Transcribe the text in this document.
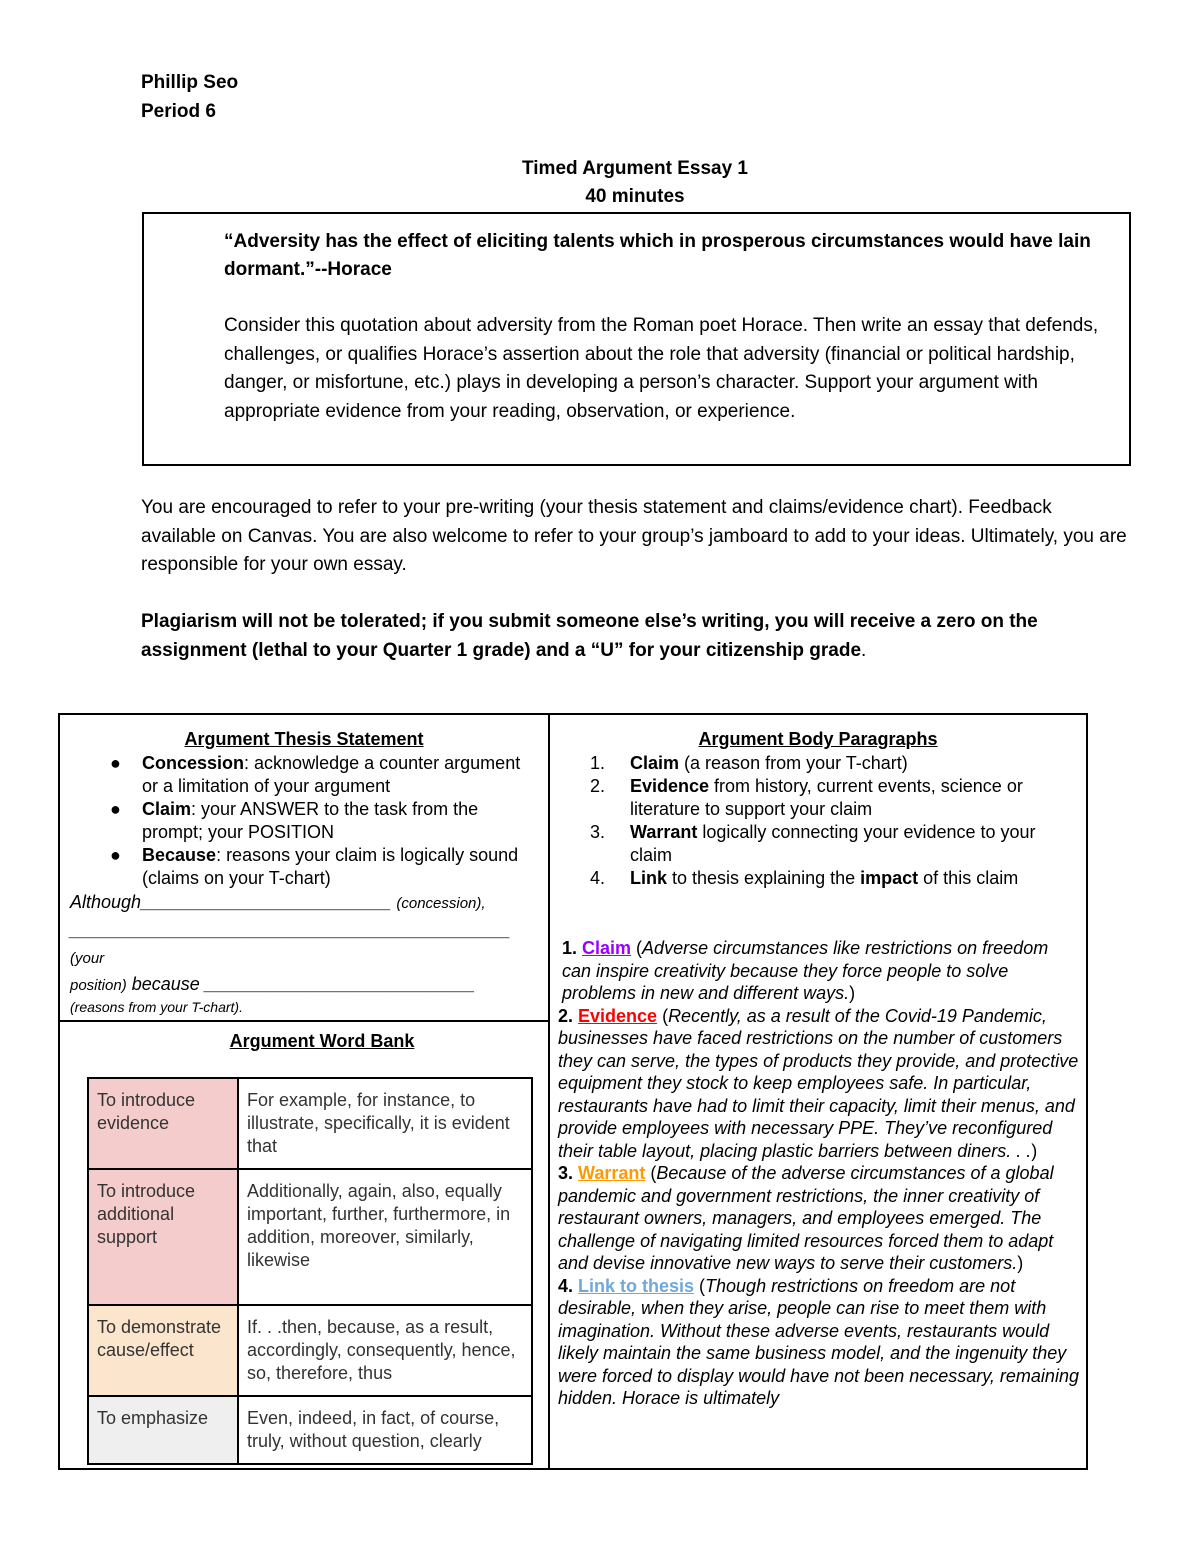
Phillip Seo
Period 6
Timed Argument Essay 1
40 minutes
“Adversity has the effect of eliciting talents which in prosperous circumstances would have lain dormant.”--Horace
Consider this quotation about adversity from the Roman poet Horace. Then write an essay that defends, challenges, or qualifies Horace’s assertion about the role that adversity (financial or political hardship, danger, or misfortune, etc.) plays in developing a person’s character. Support your argument with appropriate evidence from your reading, observation, or experience.
You are encouraged to refer to your pre-writing (your thesis statement and claims/evidence chart). Feedback available on Canvas. You are also welcome to refer to your group’s jamboard to add to your ideas. Ultimately, you are responsible for your own essay.
Plagiarism will not be tolerated; if you submit someone else’s writing, you will receive a zero on the assignment (lethal to your Quarter 1 grade) and a “U” for your citizenship grade.
Argument Thesis Statement
●	Concession: acknowledge a counter argument or a limitation of your argument
●	Claim: your ANSWER to the task from the prompt; your POSITION
●	Because: reasons your claim is logically sound (claims on your T-chart)
Although_________________________ (concession),
____________________________________________ (your
position) because ___________________________
(reasons from your T-chart).
Argument Word Bank
To introduce evidence	For example, for instance, to illustrate, specifically, it is evident that
To introduce additional support	Additionally, again, also, equally important, further, furthermore, in addition, moreover, similarly, likewise
To demonstrate cause/effect	If. . .then, because, as a result, accordingly, consequently, hence, so, therefore, thus
To emphasize	Even, indeed, in fact, of course, truly, without question, clearly
Argument Body Paragraphs
1.	Claim (a reason from your T-chart)
2.	Evidence from history, current events, science or literature to support your claim
3.	Warrant logically connecting your evidence to your claim
4.	Link to thesis explaining the impact of this claim
1. Claim (Adverse circumstances like restrictions on freedom can inspire creativity because they force people to solve problems in new and different ways.)
2. Evidence (Recently, as a result of the Covid-19 Pandemic, businesses have faced restrictions on the number of customers they can serve, the types of products they provide, and protective equipment they stock to keep employees safe. In particular, restaurants have had to limit their capacity, limit their menus, and provide employees with necessary PPE. They’ve reconfigured their table layout, placing plastic barriers between diners. . .)
3. Warrant (Because of the adverse circumstances of a global pandemic and government restrictions, the inner creativity of restaurant owners, managers, and employees emerged. The challenge of navigating limited resources forced them to adapt and devise innovative new ways to serve their customers.)
4. Link to thesis (Though restrictions on freedom are not desirable, when they arise, people can rise to meet them with imagination. Without these adverse events, restaurants would likely maintain the same business model, and the ingenuity they were forced to display would have not been necessary, remaining hidden. Horace is ultimately
